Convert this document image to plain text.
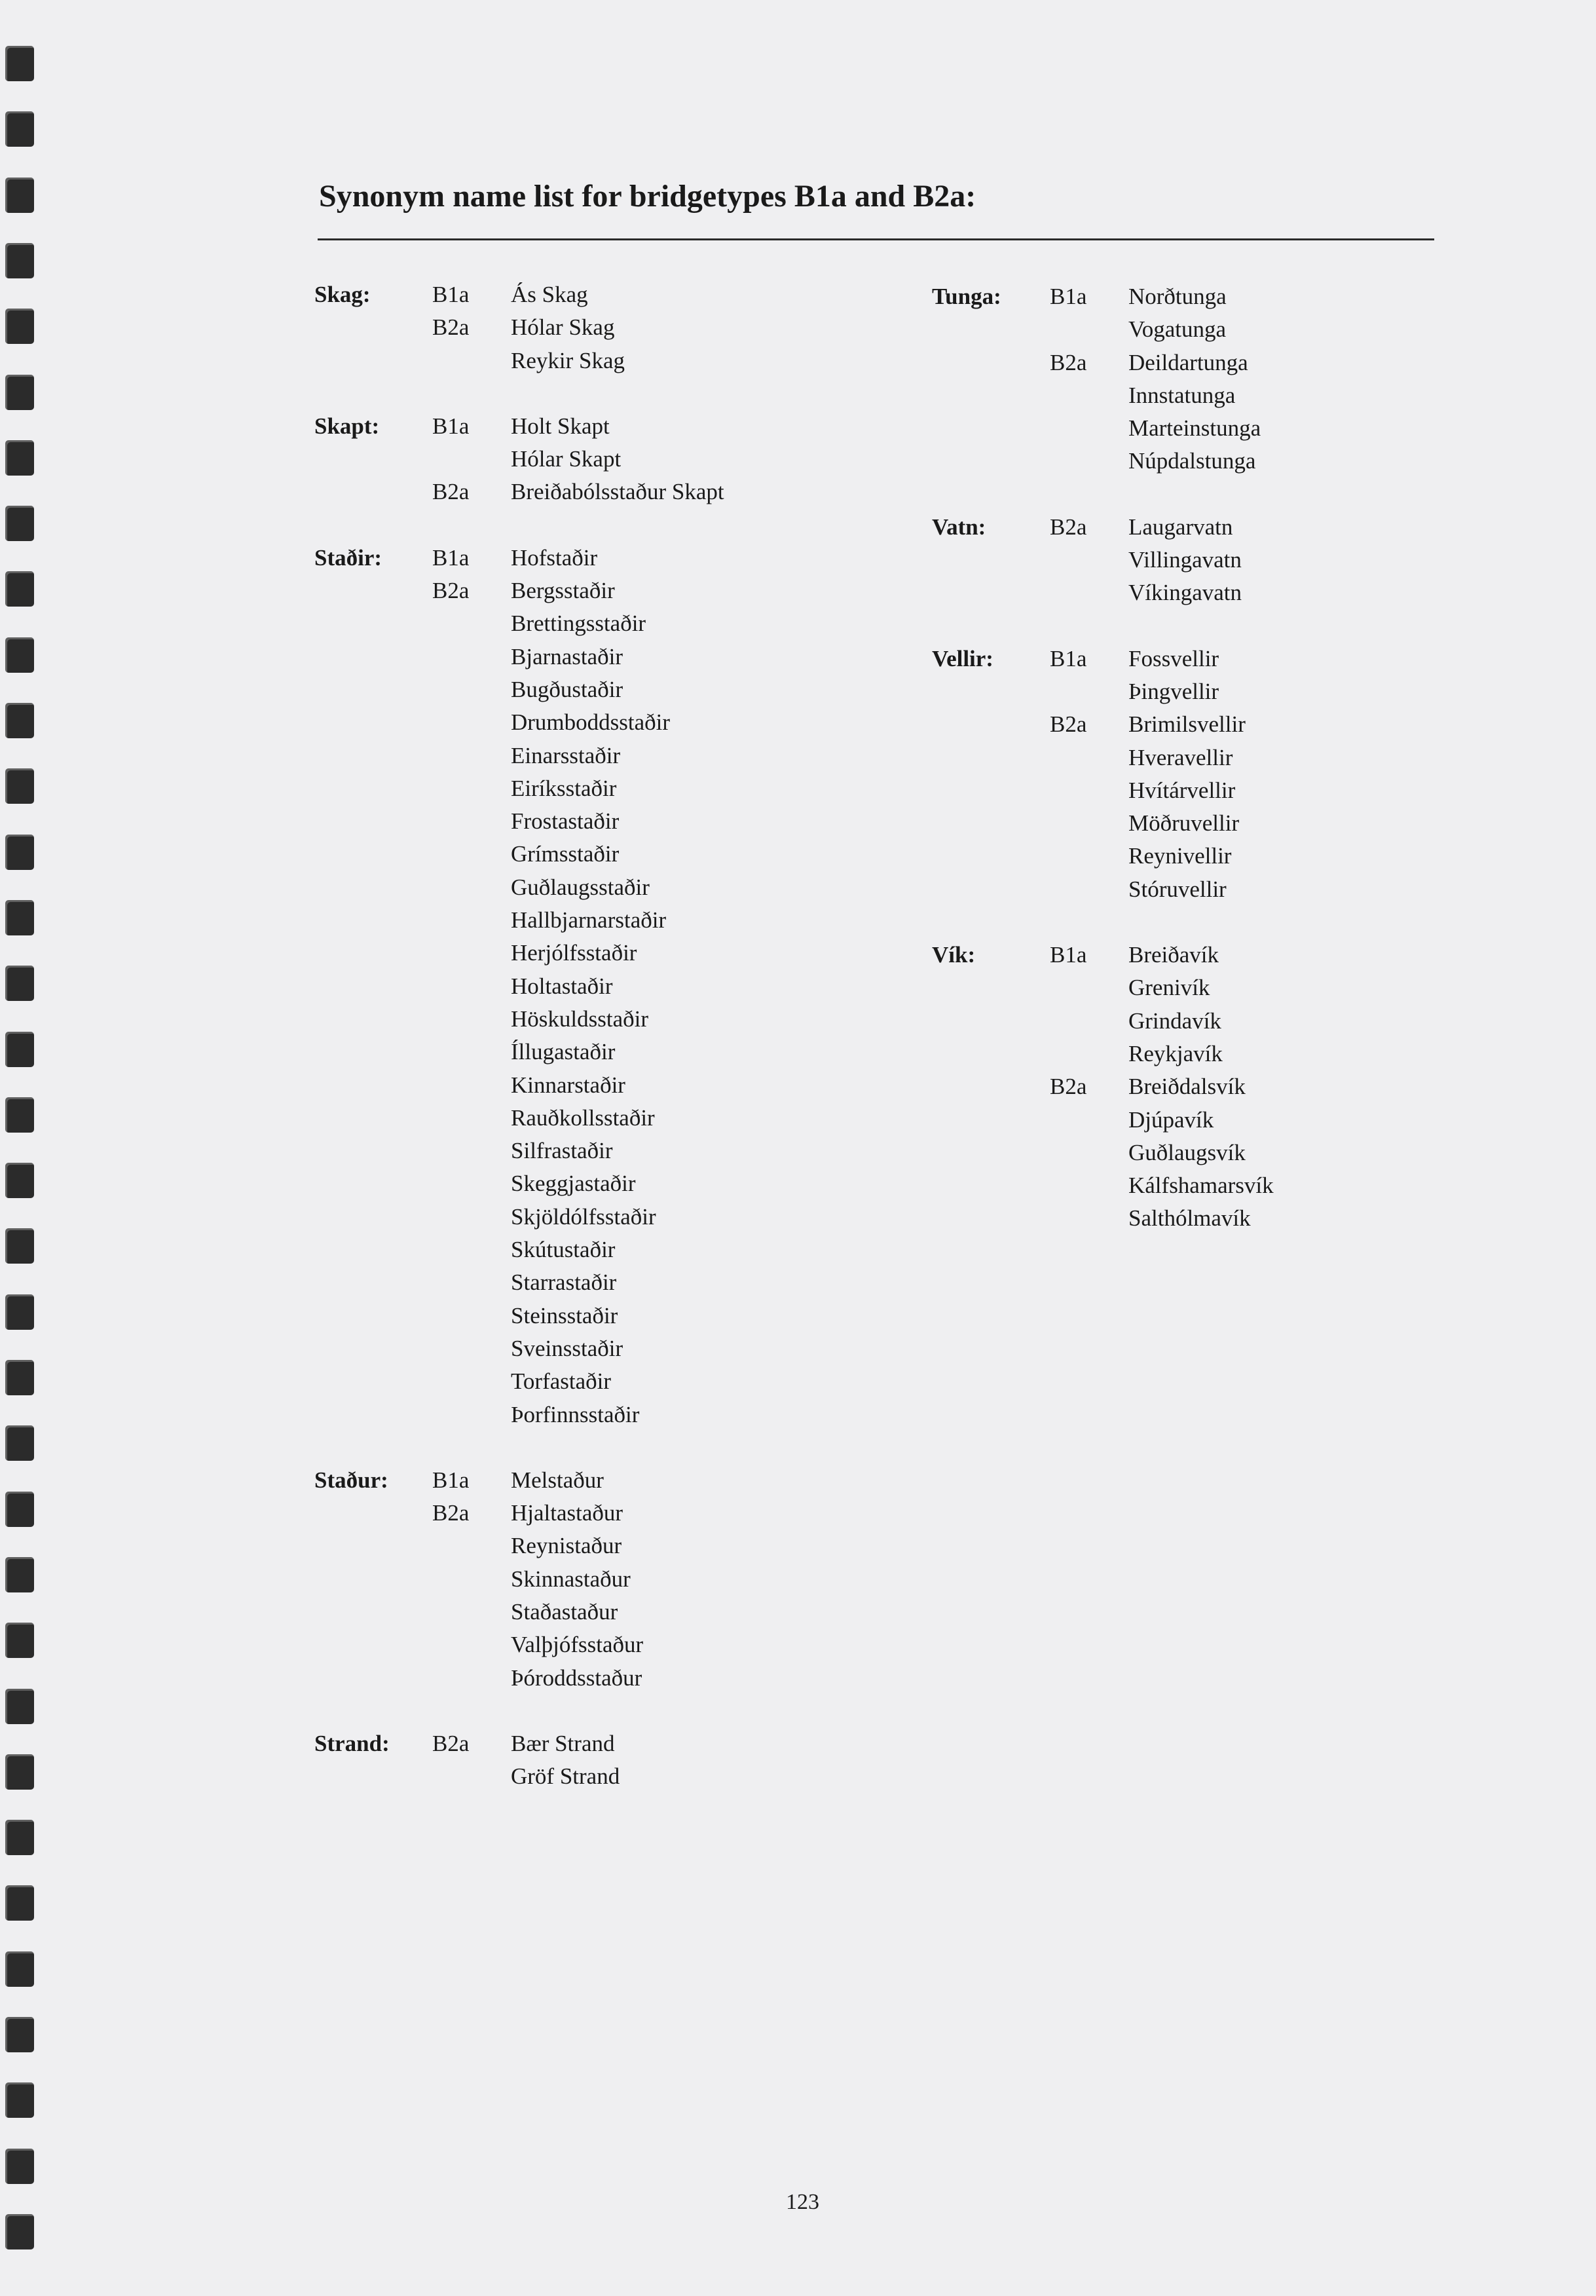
Synonym name list for bridgetypes B1a and B2a:
Skag:	B1a Ás Skag
B2a Hólar Skag
Reykir Skag
Skapt: B1a Holt Skapt
Hólar Skapt
B2a Breiðabólsstaður Skapt
Staðir: B1a Hofstaðir
B2a Bergsstaðir
Brettingsstaðir
Bjarnastaðir
Bugðustaðir
Drumboddsstaðir
Einarsstaðir
Eiríksstaðir
Frostastaðir
Grímsstaðir
Guðlaugsstaðir
Hallbjarnarstaðir
Herjólfsstaðir
Holtastaðir
Höskuldsstaðir
Íllugastaðir
Kinnarstaðir
Rauðkollsstaðir
Silfrastaðir
Skeggjastaðir
Skjöldólfsstaðir
Skútustaðir
Starrastaðir
Steinsstaðir
Sveinsstaðir
Torfastaðir
Þorfinnsstaðir
Staður: B1a Melstaður
B2a Hjaltastaður
Reynistaður
Skinnastaður
Staðastaður
Valþjófsstaður
Þóroddsstaður
Strand: B2a Bær Strand
Gröf Strand
Tunga: B1a Norðtunga
Vogatunga
B2a Deildartunga
Innstatunga
Marteinstunga
Núpdalstunga
Vatn:	B2a Laugarvatn
Villingavatn
Víkingavatn
Vellir: B1a Fossvellir
Þingvellir
B2a Brimilsvellir
Hveravellir
Hvítárvellir
Möðruvellir
Reynivellir
Stóruvellir
Vík:	B1a Breiðavík
Grenivík
Grindavík
Reykjavík
B2a Breiðdalsvík
Djúpavík
Guðlaugsvík
Kálfshamarsvík
Salthólmavík
123
